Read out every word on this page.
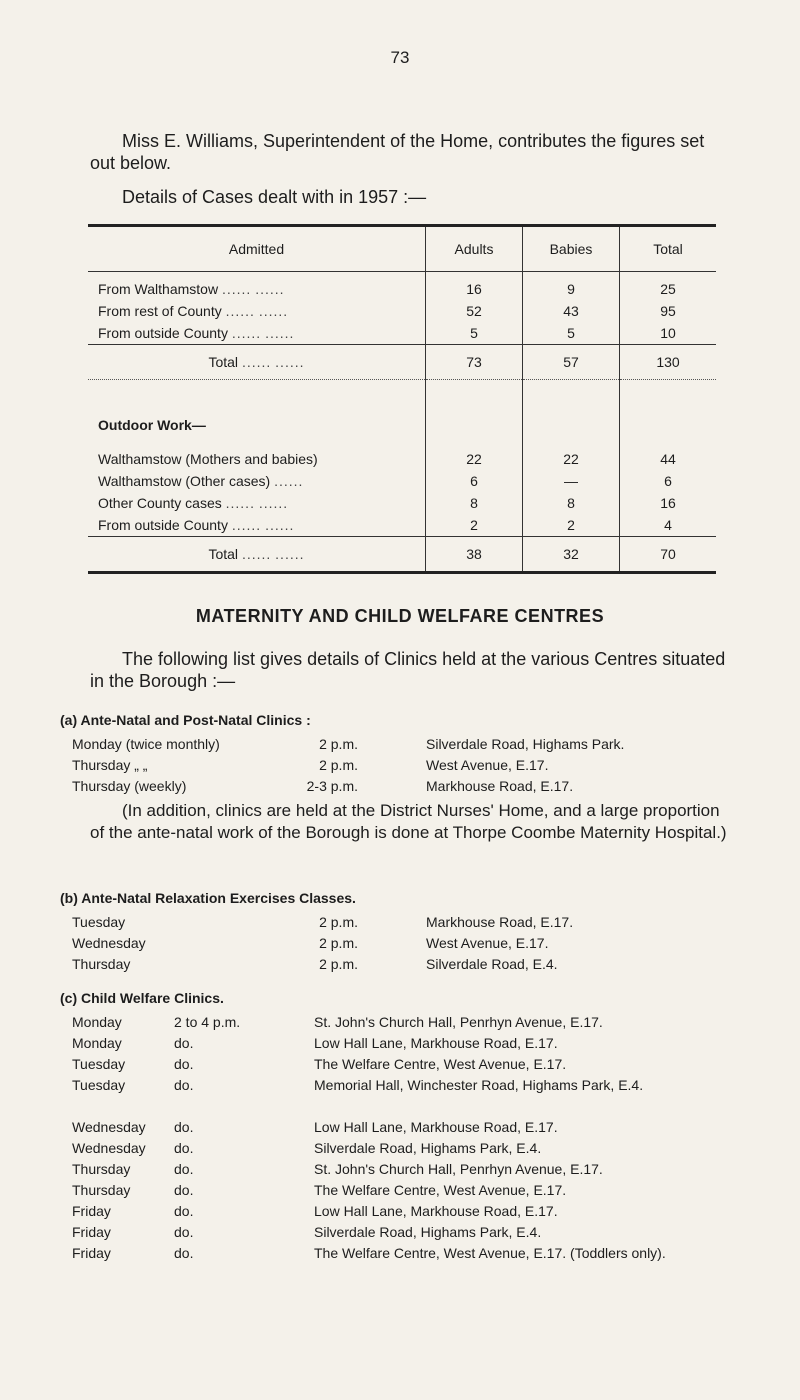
73
Miss E. Williams, Superintendent of the Home, contributes the figures set out below.
Details of Cases dealt with in 1957 :—
Admitted	Adults	Babies	Total
From Walthamstow ...... ......	16	9	25
From rest of County ...... ......	52	43	95
From outside County ...... ......	5	5	10
Total ...... ......	73	57	130

Outdoor Work—			
Walthamstow (Mothers and babies)	22	22	44
Walthamstow (Other cases) ......	6	—	6
Other County cases ...... ......	8	8	16
From outside County ...... ......	2	2	4
Total ...... ......	38	32	70
MATERNITY AND CHILD WELFARE CENTRES
The following list gives details of Clinics held at the various Centres situated in the Borough :—
(a) Ante-Natal and Post-Natal Clinics :
Monday (twice monthly)	2 p.m.	Silverdale Road, Highams Park.
Thursday „ „	2 p.m.	West Avenue, E.17.
Thursday (weekly)	2-3 p.m.	Markhouse Road, E.17.
(In addition, clinics are held at the District Nurses' Home, and a large proportion of the ante-natal work of the Borough is done at Thorpe Coombe Maternity Hospital.)
(b) Ante-Natal Relaxation Exercises Classes.
Tuesday	2 p.m.	Markhouse Road, E.17.
Wednesday	2 p.m.	West Avenue, E.17.
Thursday	2 p.m.	Silverdale Road, E.4.
(c) Child Welfare Clinics.
Monday	2 to 4 p.m.	St. John's Church Hall, Penrhyn Avenue, E.17.
Monday	do.	Low Hall Lane, Markhouse Road, E.17.
Tuesday	do.	The Welfare Centre, West Avenue, E.17.
Tuesday	do.	Memorial Hall, Winchester Road, Highams Park, E.4.
Wednesday do.	Low Hall Lane, Markhouse Road, E.17.
Wednesday do.	Silverdale Road, Highams Park, E.4.
Thursday	do.	St. John's Church Hall, Penrhyn Avenue, E.17.
Thursday	do.	The Welfare Centre, West Avenue, E.17.
Friday	do.	Low Hall Lane, Markhouse Road, E.17.
Friday	do.	Silverdale Road, Highams Park, E.4.
Friday	do.	The Welfare Centre, West Avenue, E.17. (Toddlers only).
